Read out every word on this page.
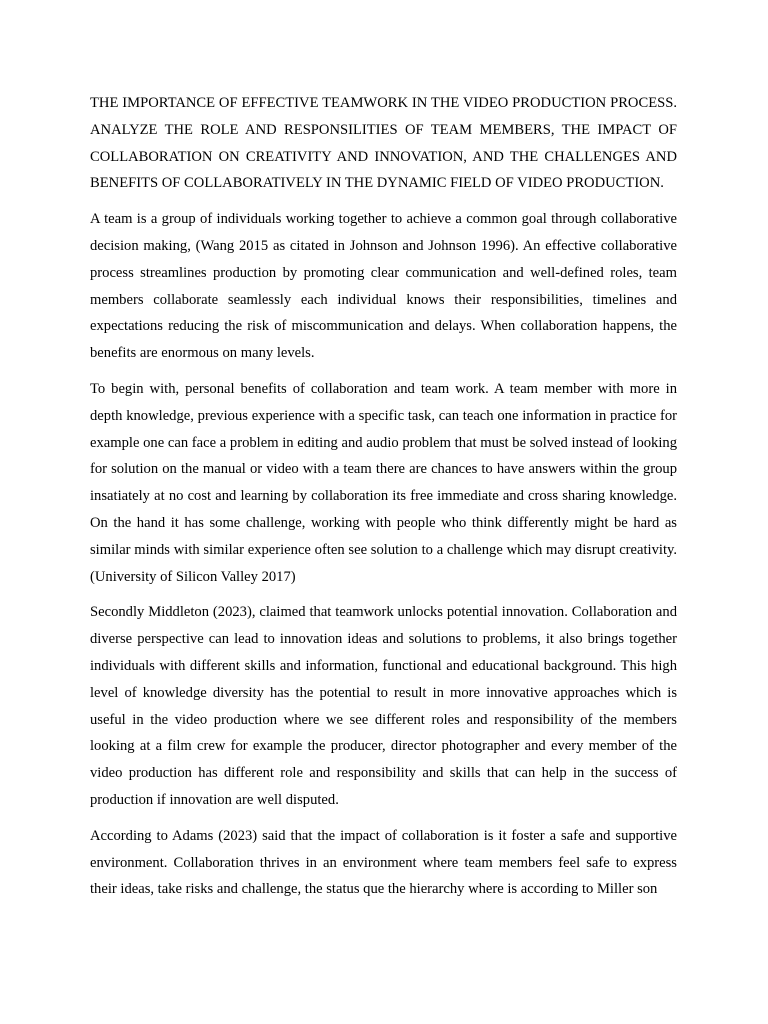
THE IMPORTANCE OF EFFECTIVE TEAMWORK IN THE VIDEO PRODUCTION PROCESS. ANALYZE THE ROLE AND RESPONSILITIES OF TEAM MEMBERS, THE IMPACT OF COLLABORATION ON CREATIVITY AND INNOVATION, AND THE CHALLENGES AND BENEFITS OF COLLABORATIVELY IN THE DYNAMIC FIELD OF VIDEO PRODUCTION.

A team is a group of individuals working together to achieve a common goal through collaborative decision making, (Wang 2015 as citated in Johnson and Johnson 1996). An effective collaborative process streamlines production by promoting clear communication and well-defined roles, team members collaborate seamlessly each individual knows their responsibilities, timelines and expectations reducing the risk of miscommunication and delays. When collaboration happens, the benefits are enormous on many levels.

To begin with, personal benefits of collaboration and team work. A team member with more in depth knowledge, previous experience with a specific task, can teach one information in practice for example one can face a problem in editing and audio problem that must be solved instead of looking for solution on the manual or video with a team there are chances to have answers within the group insatiately at no cost and learning by collaboration its free immediate and cross sharing knowledge. On the hand it has some challenge, working with people who think differently might be hard as similar minds with similar experience often see solution to a challenge which may disrupt creativity. (University of Silicon Valley 2017)

Secondly Middleton (2023), claimed that teamwork unlocks potential innovation. Collaboration and diverse perspective can lead to innovation ideas and solutions to problems, it also brings together individuals with different skills and information, functional and educational background. This high level of knowledge diversity has the potential to result in more innovative approaches which is useful in the video production where we see different roles and responsibility of the members looking at a film crew for example the producer, director photographer and every member of the video production has different role and responsibility and skills that can help in the success of production if innovation are well disputed.

According to Adams (2023) said that the impact of collaboration is it foster a safe and supportive environment. Collaboration thrives in an environment where team members feel safe to express their ideas, take risks and challenge, the status que the hierarchy where is according to Miller son
